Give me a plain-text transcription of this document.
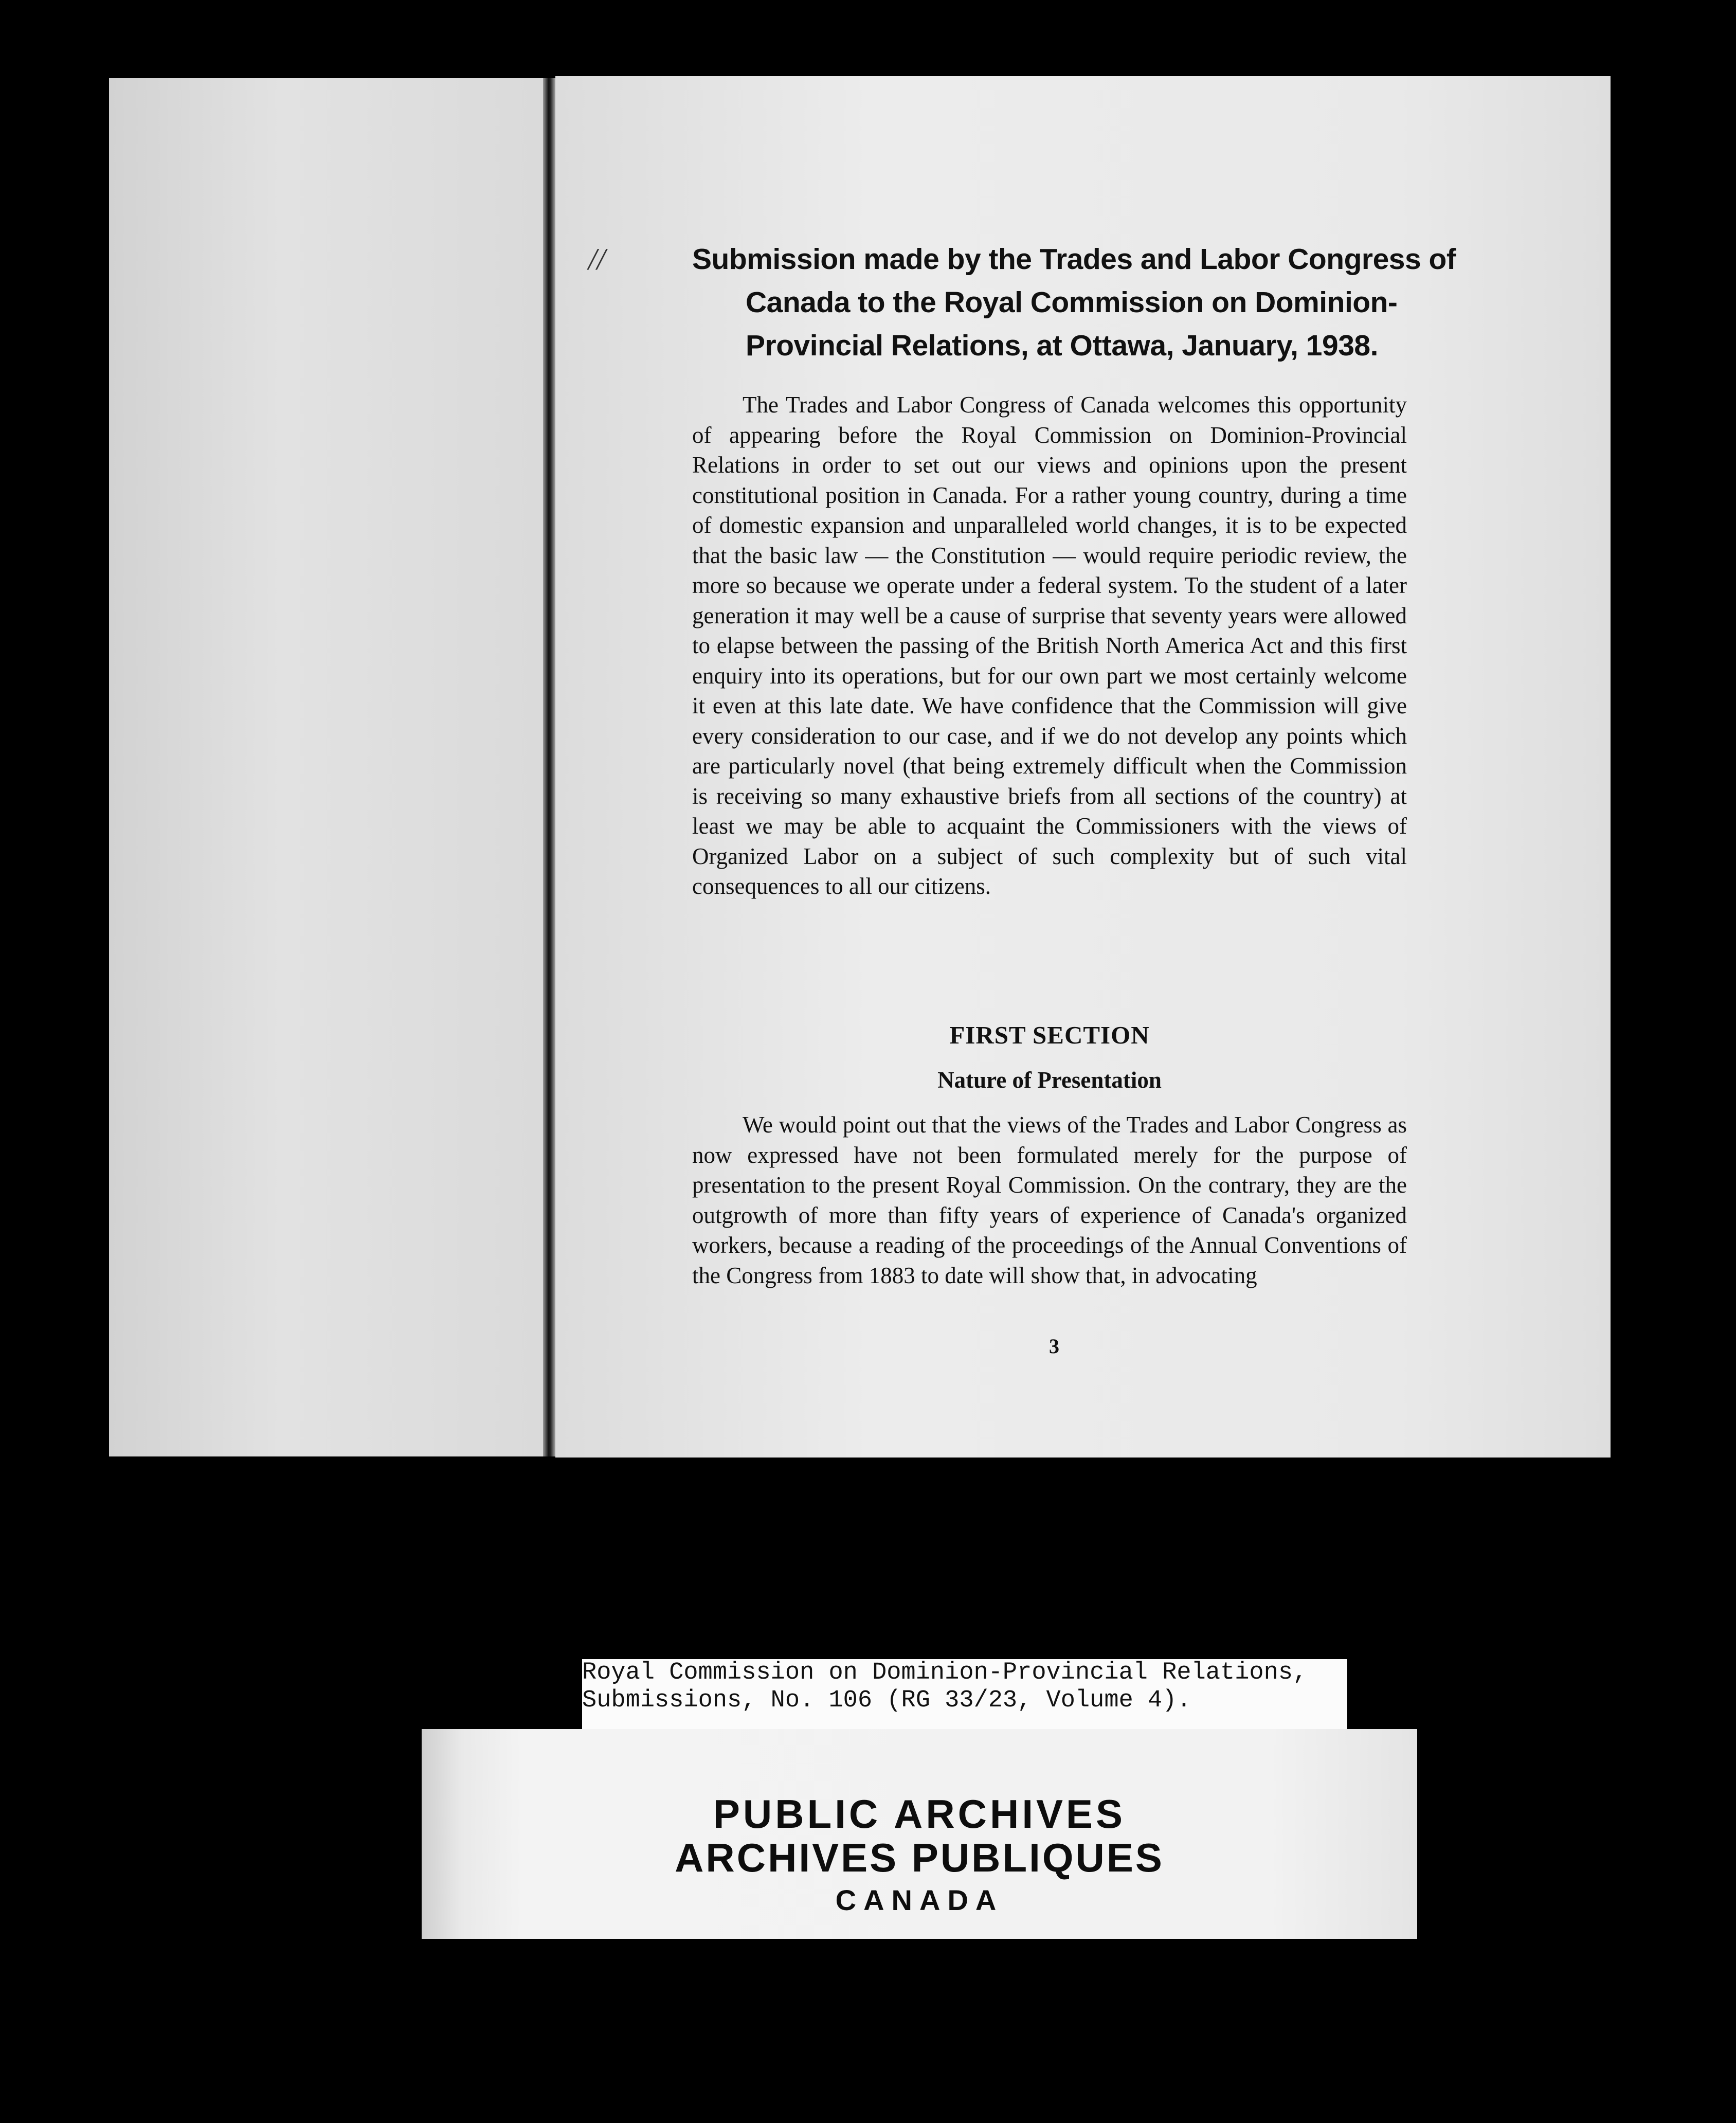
//	Submission made by the Trades and Labor Congress of Canada to the Royal Commission on Dominion-Provincial Relations, at Ottawa, January, 1938.
The Trades and Labor Congress of Canada welcomes this opportunity of appearing before the Royal Commission on Dominion-Provincial Relations in order to set out our views and opinions upon the present constitutional position in Canada. For a rather young country, during a time of domestic expansion and unparalleled world changes, it is to be expected that the basic law — the Constitution — would require periodic review, the more so because we operate under a federal system. To the student of a later generation it may well be a cause of surprise that seventy years were allowed to elapse between the passing of the British North America Act and this first enquiry into its operations, but for our own part we most certainly welcome it even at this late date. We have confidence that the Commission will give every consideration to our case, and if we do not develop any points which are particularly novel (that being extremely difficult when the Commission is receiving so many exhaustive briefs from all sections of the country) at least we may be able to acquaint the Commissioners with the views of Organized Labor on a subject of such complexity but of such vital consequences to all our citizens.
FIRST SECTION
Nature of Presentation
We would point out that the views of the Trades and Labor Congress as now expressed have not been formulated merely for the purpose of presentation to the present Royal Commission. On the contrary, they are the outgrowth of more than fifty years of experience of Canada's organized workers, because a reading of the proceedings of the Annual Conventions of the Congress from 1883 to date will show that, in advocating
3
Royal Commission on Dominion-Provincial Relations,
Submissions, No. 106 (RG 33/23, Volume 4).
PUBLIC ARCHIVES
ARCHIVES PUBLIQUES
CANADA
